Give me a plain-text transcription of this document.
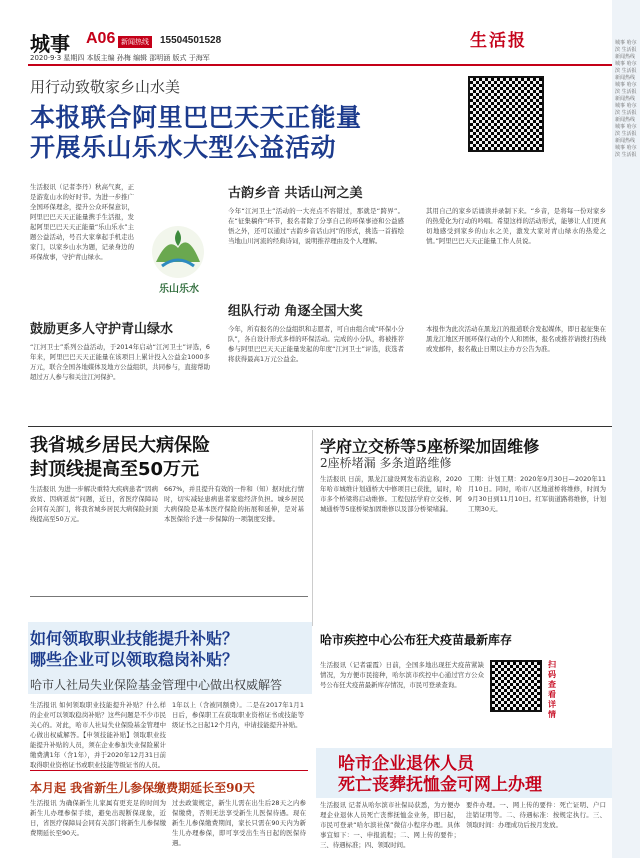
城事 A06 新闻热线	15504501528
2020·9·3 星期四 本版主编 孙梅 编辑 邵明涵 版式 于海军
生活报	城事 哈尔滨 生活报 新闻热线 城事 哈尔滨 生活报 新闻热线 城事 哈尔滨 生活报 新闻热线 城事 哈尔滨 生活报 新闻热线 城事 哈尔滨 生活报 新闻热线 城事 哈尔滨 生活报
用行动致敬家乡山水美
本报联合阿里巴巴天天正能量
开展乐山乐水大型公益活动
生活报讯（记者李丹）秋高气爽，正是游览山水的好时节。为进一步推广全国环保理念，提升公众环保意识，阿里巴巴天天正能量携手生活报，发起阿里巴巴天天正能量“乐山乐水”主题公益活动，号召大家拿起手机走出家门，以家乡山水为题，记录身边的环保故事，守护青山绿水。
乐山乐水
古韵乡音 共话山河之美
今年“江河卫士”活动的一大亮点不容错过，那就是“跨界”。在“征集稿件”环节，报名者除了分享自己的环保事迹和公益感悟之外，还可以通过“古韵乡音话山河”的形式，挑选一首描绘当地山川河流的经典诗词，说明推荐理由及个人理解。
其用自己的家乡话诵读并录制下来。“乡音，是将每一份对家乡的热爱化为行动的吟唱。希望这样的活动形式，能够让人们更真切地感受到家乡的山水之美，激发大家对青山绿水的热爱之情。”阿里巴巴天天正能量工作人员说。
组队行动 角逐全国大奖
鼓励更多人守护青山绿水
“江河卫士”系列公益活动，于2014年启动“江河卫士”评选，6年来，阿里巴巴天天正能量在该项目上累计投入公益金1000多万元，联合全国各地媒体及地方公益组织，共同参与，直接帮助超过万人参与和关注江河保护。
今年，所有报名的公益组织和志愿者，可自由组合成“环保小分队”，各自设计形式多样的环保活动。完成的小分队，将被推荐参与阿里巴巴天天正能量发起的年度“江河卫士”评选，获选者将获得最高1万元公益金。
本报作为此次活动在黑龙江的报道联合发起媒体，即日起征集在黑龙江地区开展环保行动的个人和团体，报名或推荐请拨打热线或发邮件，报名截止日期以主办方公告为准。
我省城乡居民大病保险
封顶线提高至50万元
生活报讯 为进一步解决重特大疾病患者“因病致贫、因病返贫”问题，近日，省医疗保障局会同有关部门，将我省城乡居民大病保险封顶线提高至50万元。
667%，并且提升有效的一件和（知）据对此行情时，切实减轻患病患者家庭经济负担。城乡居民大病保险是基本医疗保险的拓展和延伸，是对基本医保给予进一步保障的一项制度安排。
学府立交桥等5座桥梁加固维修
2座桥堵漏 多条道路维修
生活报讯 日前，黑龙江建设网发布消息称，2020年哈市城维计划通桥大中修项目已获批，届时，哈市多个桥梁将启动维修。工程包括学府立交桥、阿城通桥等5座桥梁加固维修以及部分桥梁堵漏。
工期：计划工期：2020年9月30日—2020年11月10日。同时，哈市八区地道桥将维修，时间为9月30日到11月10日。红军街道路将维修，计划工期30天。
如何领取职业技能提升补贴？
哪些企业可以领取稳岗补贴？
哈市人社局失业保险基金管理中心做出权威解答
生活报讯 如何领取职业技能提升补贴？什么样的企业可以领取稳岗补贴？这些问题是不少市民关心的。对此，哈市人社局失业保险基金管理中心做出权威解答。【申领技能补贴】领取职业技能提升补贴的人员，须在企业参加失业保险累计缴费满1年（含1年），并于2020年12月31日前取得职业资格证书或职业技能等级证书的人员。
1年以上（含被同额费）。二是在2017年1月1日后，参保职工在获取职业资格证书或技能等级证书之日起12个月内，申请技能提升补贴。
哈市疾控中心公布狂犬疫苗最新库存
生活报讯（记者霍霞）日前，全国多地出现狂犬疫苗紧缺情况，为方便市民接种，哈尔滨市疾控中心通过官方公众号公布狂犬疫苗最新库存情况，市民可登录查询。
扫码查看详情
本月起 我省新生儿参保缴费期延长至90天
生活报讯 为确保新生儿家属有更充足的时间为新生儿办理参保手续，避免出现断保现象，近日，省医疗保障局会同有关部门将新生儿参保缴费期延长至90天。
过去政策规定，新生儿需在出生后28天之内参保缴费，否则无法享受新生儿医保待遇。现在新生儿参保缴费期间，家长只需在90天内为新生儿办理参保，即可享受出生当日起的医保待遇。
哈市企业退休人员
死亡丧葬抚恤金可网上办理
生活报讯 记者从哈尔滨市社保局获悉，为方便办理企业退休人员死亡丧葬抚恤金业务，即日起，市民可登录“哈尔滨社保”微信小程序办理。具体事宜如下：一、申报流程；二、网上传的要件；三、待遇标准；四、领取时间。
要件办理。一、网上传的要件：死亡证明、户口注销证明等。二、待遇标准：按规定执行。三、领取时间：办理成功后按月发放。
